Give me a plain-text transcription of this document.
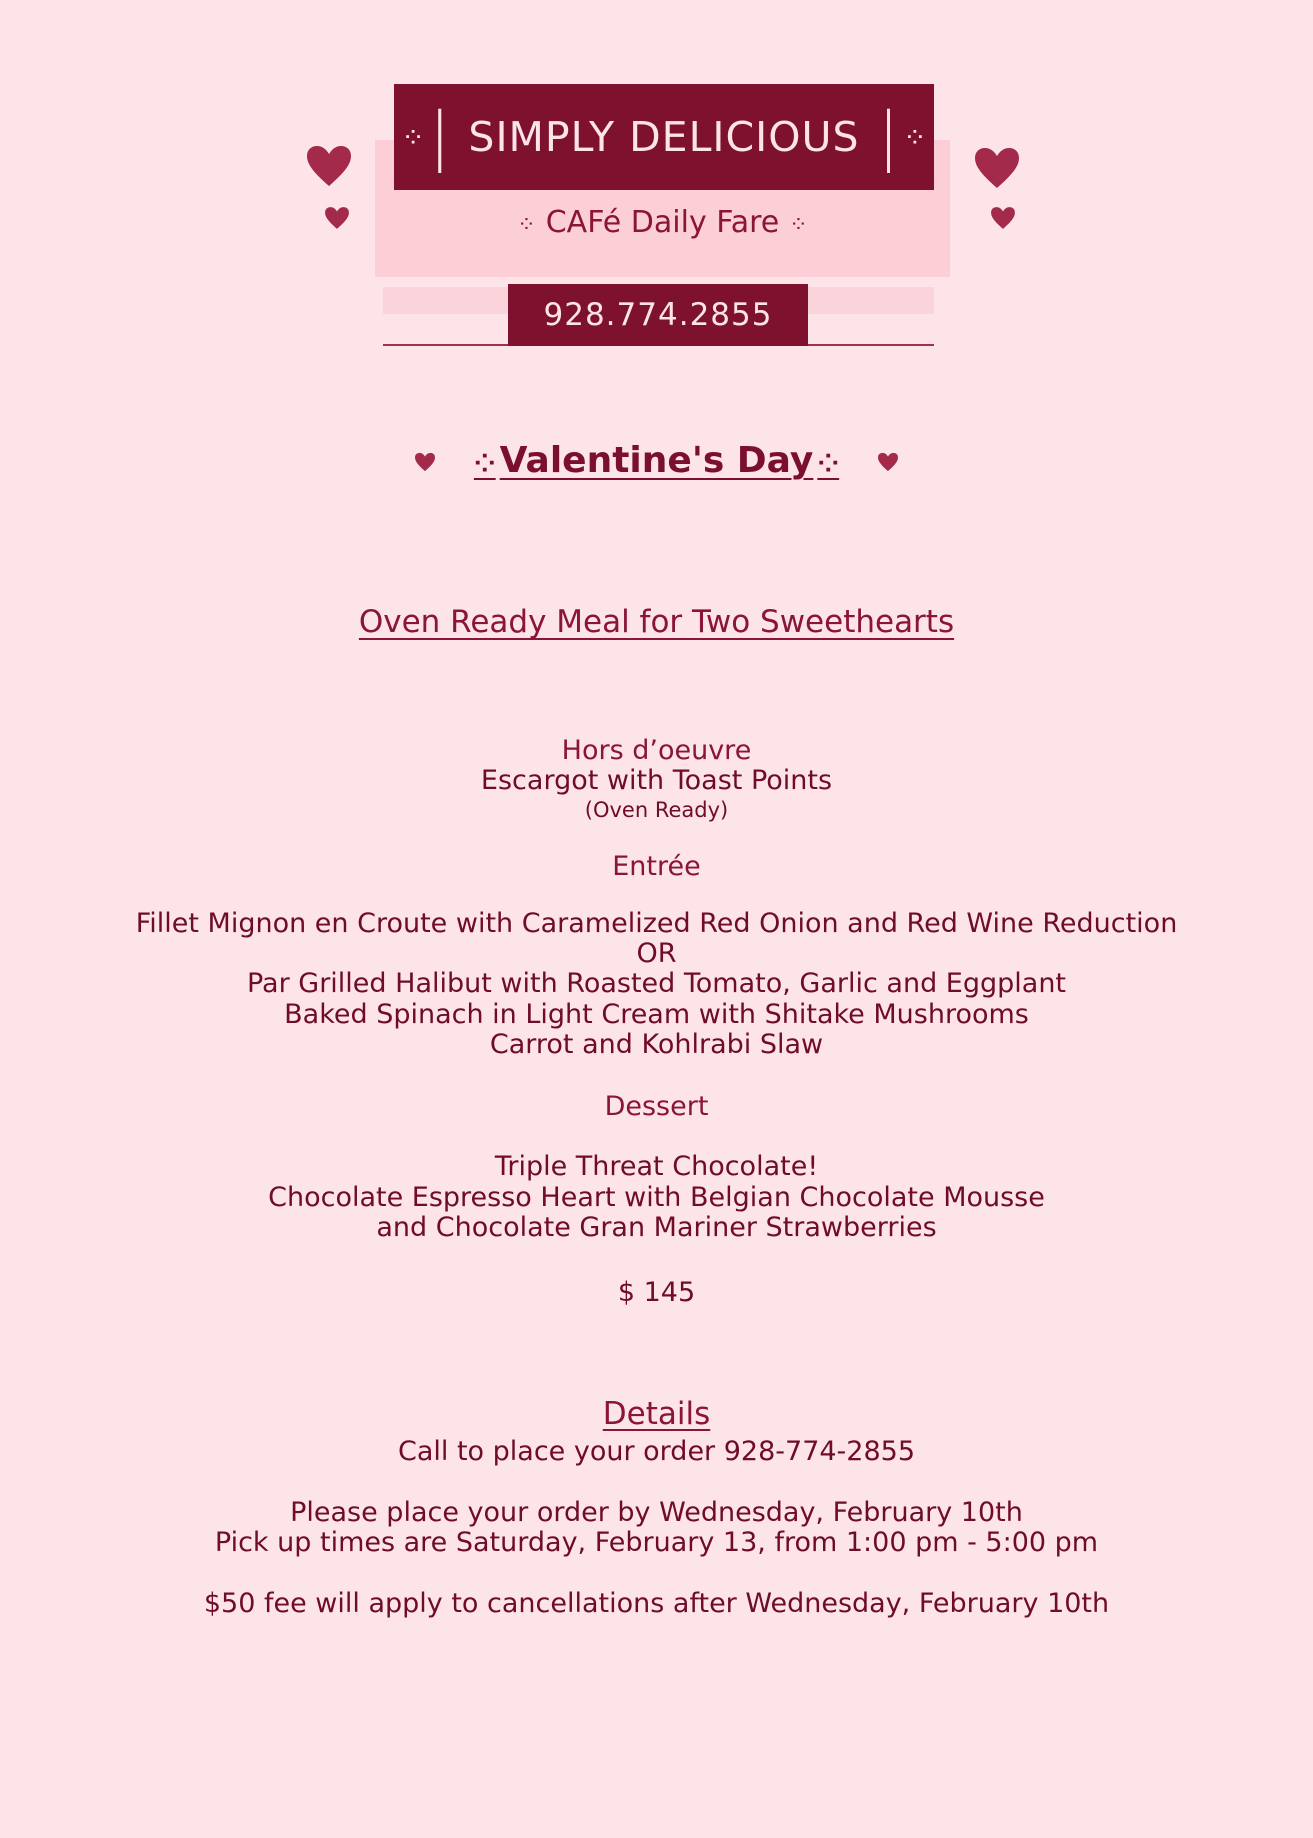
⁘ | SIMPLY DELICIOUS | ⁘
⁘ CAFé Daily Fare ⁘
928.774.2855
⁘ Valentine's Day ⁘
Oven Ready Meal for Two Sweethearts
Hors d’oeuvre
Escargot with Toast Points
(Oven Ready)
Entrée
Fillet Mignon en Croute with Caramelized Red Onion and Red Wine Reduction
OR
Par Grilled Halibut with Roasted Tomato, Garlic and Eggplant
Baked Spinach in Light Cream with Shitake Mushrooms
Carrot and Kohlrabi Slaw
Dessert
Triple Threat Chocolate!
Chocolate Espresso Heart with Belgian Chocolate Mousse
and Chocolate Gran Mariner Strawberries
$ 145
Details
Call to place your order 928-774-2855
Please place your order by Wednesday, February 10th
Pick up times are Saturday, February 13, from 1:00 pm - 5:00 pm
$50 fee will apply to cancellations after Wednesday, February 10th
